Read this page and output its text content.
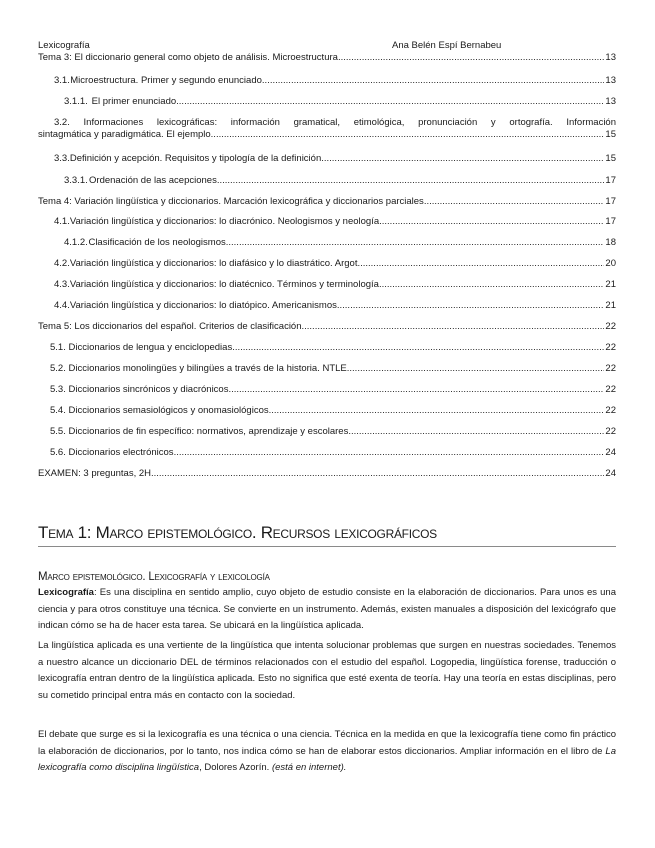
Lexicografía	Ana Belén Espí Bernabeu
Tema 3: El diccionario general como objeto de análisis. Microestructura .....	13
3.1. Microestructura. Primer y segundo enunciado .....	13
3.1.1. El primer enunciado .....	13
3.2. Informaciones lexicográficas: información gramatical, etimológica, pronunciación y ortografía. Información
sintagmática y paradigmática. El ejemplo .....	15
3.3. Definición y acepción. Requisitos y tipología de la definición .....	15
3.3.1. Ordenación de las acepciones .....	17
Tema 4: Variación lingüística y diccionarios. Marcación lexicográfica y diccionarios parciales .....	17
4.1. Variación lingüística y diccionarios: lo diacrónico. Neologismos y neología .....	17
4.1.2. Clasificación de los neologismos .....	18
4.2. Variación lingüística y diccionarios: lo diafásico y lo diastrático. Argot .....	20
4.3. Variación lingüística y diccionarios: lo diatécnico. Términos y terminología .....	21
4.4. Variación lingüística y diccionarios: lo diatópico. Americanismos .....	21
Tema 5: Los diccionarios del español. Criterios de clasificación .....	22
5.1. Diccionarios de lengua y enciclopedias .....	22
5.2. Diccionarios monolingües y bilingües a través de la historia. NTLE .....	22
5.3. Diccionarios sincrónicos y diacrónicos .....	22
5.4. Diccionarios semasiológicos y onomasiológicos .....	22
5.5. Diccionarios de fin específico: normativos, aprendizaje y escolares .....	22
5.6. Diccionarios electrónicos .....	24
EXAMEN: 3 preguntas, 2H .....	24
Tema 1: Marco epistemológico. Recursos lexicográficos
Marco epistemológico. Lexicografía y lexicología
Lexicografía: Es una disciplina en sentido amplio, cuyo objeto de estudio consiste en la elaboración de diccionarios. Para unos es una ciencia y para otros constituye una técnica. Se convierte en un instrumento. Además, existen manuales a disposición del lexicógrafo que indican cómo se ha de hacer esta tarea. Se ubicará en la lingüística aplicada.
La lingüística aplicada es una vertiente de la lingüística que intenta solucionar problemas que surgen en nuestras sociedades. Tenemos a nuestro alcance un diccionario DEL de términos relacionados con el estudio del español. Logopedia, lingüística forense, traducción o lexicografía entran dentro de la lingüística aplicada. Esto no significa que esté exenta de teoría. Hay una teoría en estas disciplinas, pero su cometido principal entra más en contacto con la sociedad.
El debate que surge es si la lexicografía es una técnica o una ciencia. Técnica en la medida en que la lexicografía tiene como fin práctico la elaboración de diccionarios, por lo tanto, nos indica cómo se han de elaborar estos diccionarios. Ampliar información en el libro de La lexicografía como disciplina lingüística, Dolores Azorín. (está en internet).
